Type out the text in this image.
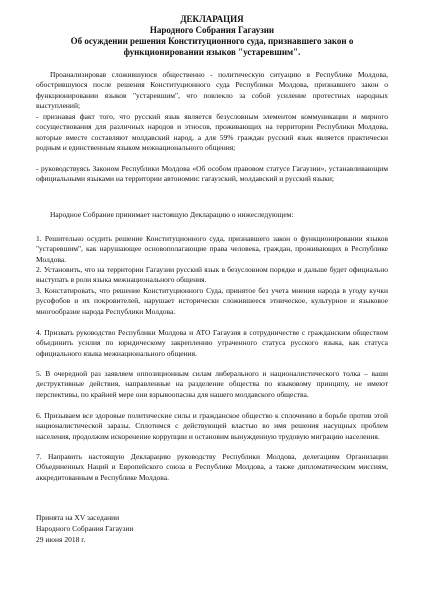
ДЕКЛАРАЦИЯ

Народного Собрания Гагаузии

Об осуждении решения Конституционного суда, признавшего закон о

функционировании языков "устаревшим".

Проанализировав сложившуюся общественно - политическую ситуацию в Республике Молдова, обострившуюся после решения Конституционного суда Республики Молдова, признавшего закон о функционировании языков "устаревшим", что повлекло за собой усиление протестных народных выступлений;
- признавая факт того, что русский язык является безусловным элементом коммуникации и мирного сосуществования для различных народов и этносов, проживающих на территории Республики Молдова, которые вместе составляют молдавский народ, а для 59% граждан русский язык является практически родным и единственным языком межнационального общения;
- руководствуясь Законом Республики Молдова «Об особом правовом статусе Гагаузии», устанавливающим официальными языками на территории автономии: гагаузский, молдавский и русский языки;
Народное Собрание принимает настоящую Декларацию о нижеследующем:
1. Решительно осудить решение Конституционного суда, признавшего закон о функционировании языков "устаревшим", как нарушающее основополагающие права человека, граждан, проживающих в Республике Молдова.
2. Установить, что на территории Гагаузии русский язык в безусловном порядке и дальше будет официально выступать в роли языка межнационального общения.
3. Констатировать, что решение Конституционного Суда, принятое без учета мнения народа в угоду кучки русофобов и их покровителей, нарушает исторически сложившееся этническое, культурное и языковое многообразие народа Республики Молдова.
4. Призвать руководство Республики Молдова и АТО Гагаузия в сотрудничестве с гражданским обществом объединить усилия по юридическому закреплению утраченного статуса русского языка, как статуса официального языка межнационального общения.
5. В очередной раз заявляем оппозиционным силам либерального и националистического толка – ваши деструктивные действия, направленные на разделение общества по языковому принципу, не имеют перспективы, по крайней мере они взрывоопасны для нашего молдавского общества.
6. Призываем все здоровые политические силы и гражданское общество к сплочению в борьбе против этой националистической заразы. Сплотимся с действующей властью во имя решения насущных проблем населения, продолжим искоренение коррупции и остановим вынужденную трудовую миграцию населения.
7. Направить настоящую Декларацию руководству Республики Молдова, делегациям Организации Объединенных Наций и Европейского союза в Республике Молдова, а также дипломатическим миссиям, аккредитованным в Республике Молдова.
Принята на XV заседании
Народного Собрания Гагаузии
29 июня 2018 г.
